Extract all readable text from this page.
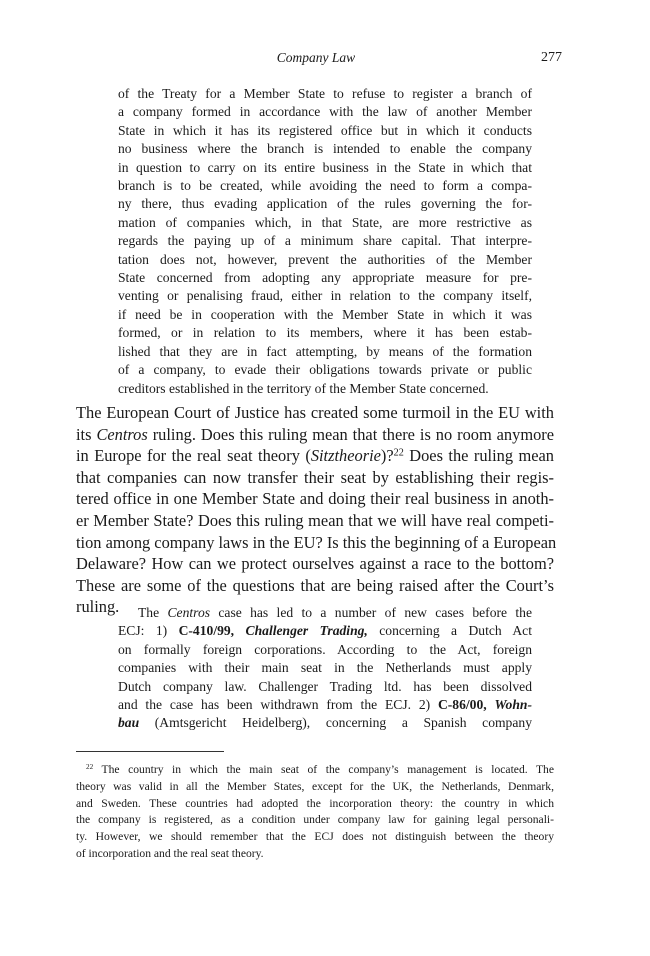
Company Law	277
of the Treaty for a Member State to refuse to register a branch of
a company formed in accordance with the law of another Member
State in which it has its registered office but in which it conducts
no business where the branch is intended to enable the company
in question to carry on its entire business in the State in which that
branch is to be created, while avoiding the need to form a compa-
ny there, thus evading application of the rules governing the for-
mation of companies which, in that State, are more restrictive as
regards the paying up of a minimum share capital. That interpre-
tation does not, however, prevent the authorities of the Member
State concerned from adopting any appropriate measure for pre-
venting or penalising fraud, either in relation to the company itself,
if need be in cooperation with the Member State in which it was
formed, or in relation to its members, where it has been estab-
lished that they are in fact attempting, by means of the formation
of a company, to evade their obligations towards private or public
creditors established in the territory of the Member State concerned.
The European Court of Justice has created some turmoil in the EU with
its Centros ruling. Does this ruling mean that there is no room anymore
in Europe for the real seat theory (Sitztheorie)?$^{22}$ Does the ruling mean
that companies can now transfer their seat by establishing their regis-
tered office in one Member State and doing their real business in anoth-
er Member State? Does this ruling mean that we will have real competi-
tion among company laws in the EU? Is this the beginning of a European
Delaware? How can we protect ourselves against a race to the bottom?
These are some of the questions that are being raised after the Court’s
ruling.	The Centros case has led to a number of new cases before the
ECJ: 1) C-410/99, Challenger Trading, concerning a Dutch Act
on formally foreign corporations. According to the Act, foreign
companies with their main seat in the Netherlands must apply
Dutch company law. Challenger Trading ltd. has been dissolved
and the case has been withdrawn from the ECJ. 2) C-86/00, Wohn-
bau (Amtsgericht Heidelberg), concerning a Spanish company
$^{22}$ The country in which the main seat of the company’s management is located. The
theory was valid in all the Member States, except for the UK, the Netherlands, Denmark,
and Sweden. These countries had adopted the incorporation theory: the country in which
the company is registered, as a condition under company law for gaining legal personali-
ty. However, we should remember that the ECJ does not distinguish between the theory
of incorporation and the real seat theory.
